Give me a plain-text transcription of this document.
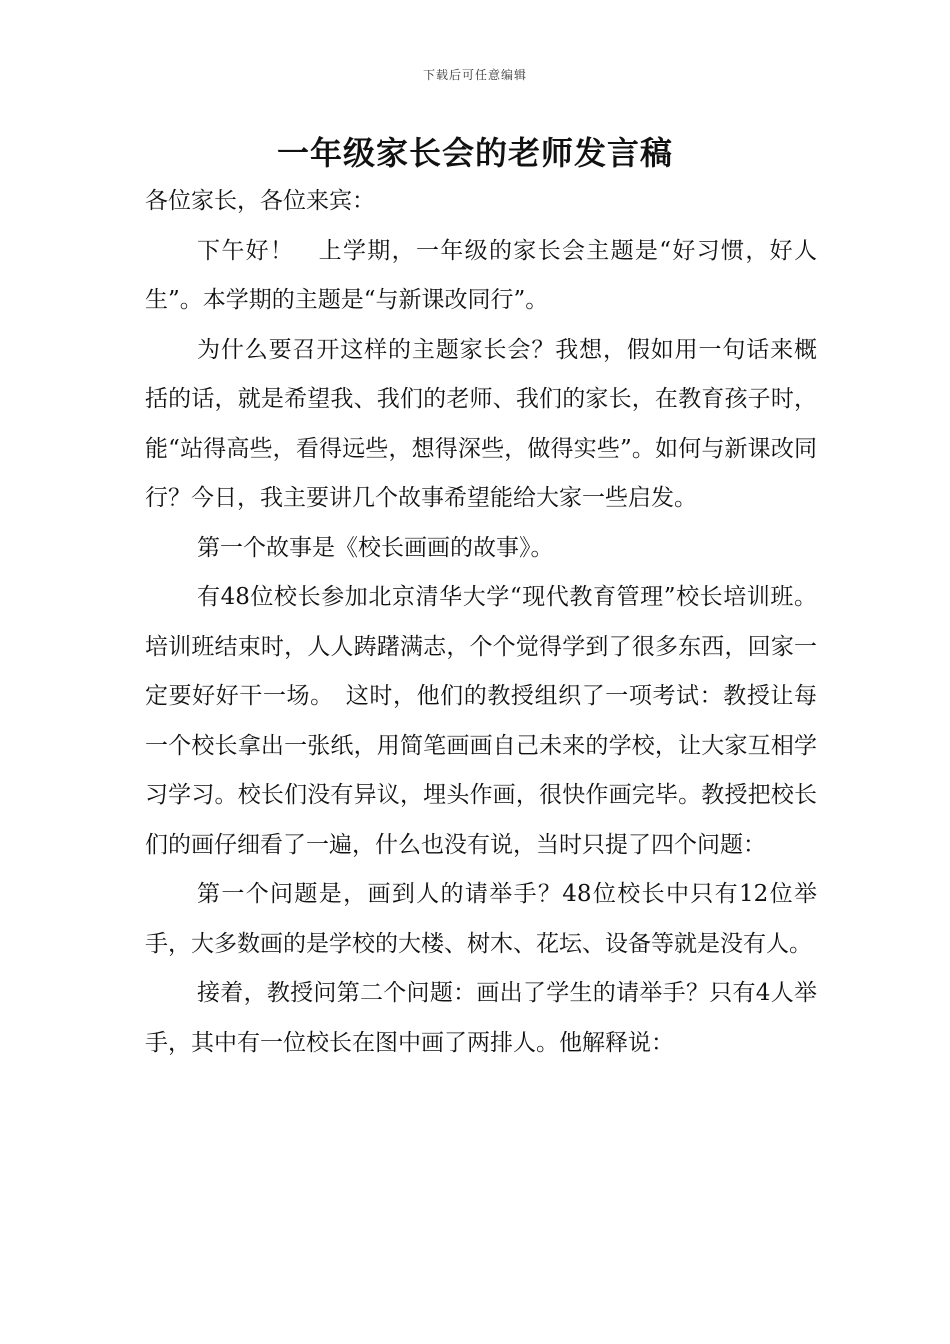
下载后可任意编辑
一年级家长会的老师发言稿

各位家长，各位来宾：

下午好！　上学期，一年级的家长会主题是“好习惯，好人生”。本学期的主题是“与新课改同行”。

为什么要召开这样的主题家长会？我想，假如用一句话来概括的话，就是希望我、我们的老师、我们的家长，在教育孩子时，能“站得高些，看得远些，想得深些，做得实些”。如何与新课改同行？今日，我主要讲几个故事希望能给大家一些启发。

第一个故事是《校长画画的故事》。

有48位校长参加北京清华大学“现代教育管理”校长培训班。培训班结束时，人人踌躇满志，个个觉得学到了很多东西，回家一定要好好干一场。　这时，他们的教授组织了一项考试：教授让每一个校长拿出一张纸，用简笔画画自己未来的学校，让大家互相学习学习。校长们没有异议，埋头作画，很快作画完毕。教授把校长们的画仔细看了一遍，什么也没有说，当时只提了四个问题：

第一个问题是，画到人的请举手？48位校长中只有12位举手，大多数画的是学校的大楼、树木、花坛、设备等就是没有人。

接着，教授问第二个问题：画出了学生的请举手？只有4人举手，其中有一位校长在图中画了两排人。他解释说：
